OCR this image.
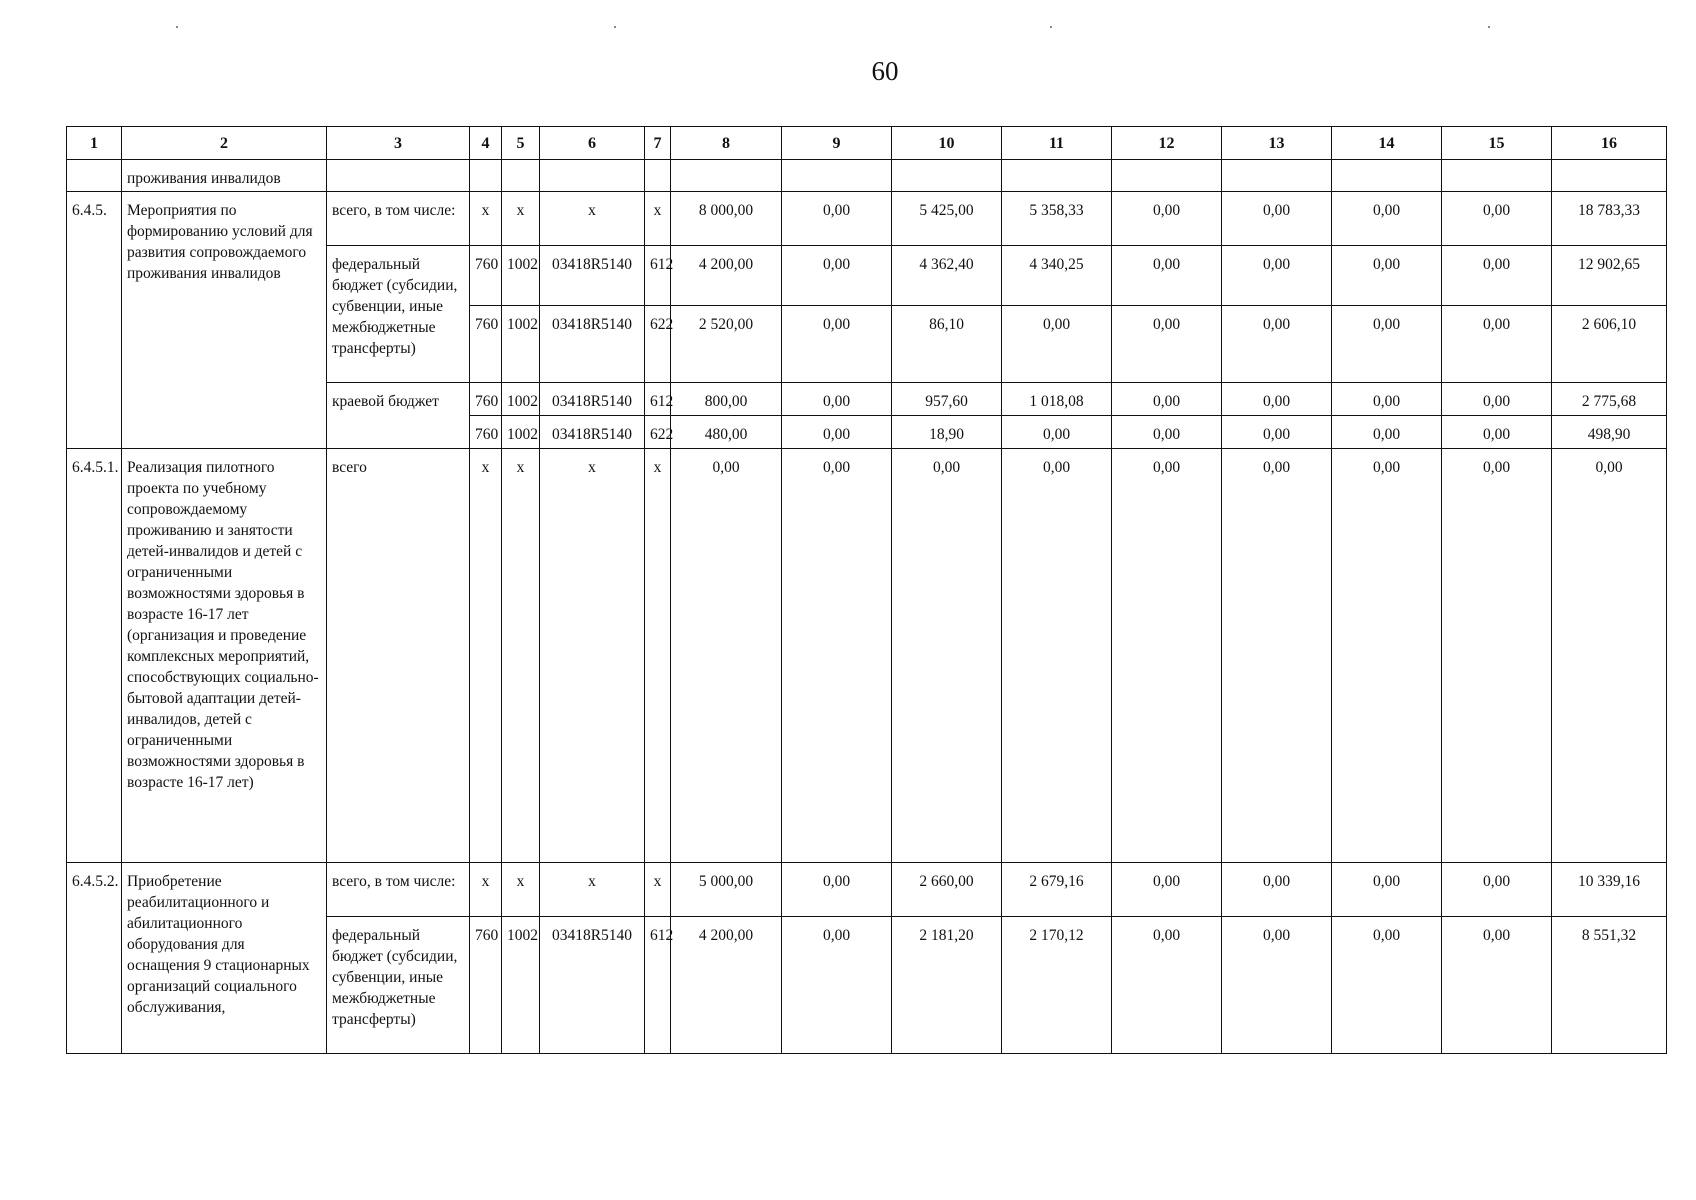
60
1	2	3	4	5	6	7	8	9	10	11	12	13	14	15	16
	проживания инвалидов														
6.4.5.	Мероприятия по формированию условий для развития сопровождаемого проживания инвалидов	всего, в том числе:	x	x	x	x	8 000,00	0,00	5 425,00	5 358,33	0,00	0,00	0,00	0,00	18 783,33
		федеральный бюджет (субсидии, субвенции, иные межбюджетные трансферты)	760	1002	03418R5140	612	4 200,00	0,00	4 362,40	4 340,25	0,00	0,00	0,00	0,00	12 902,65
			760	1002	03418R5140	622	2 520,00	0,00	86,10	0,00	0,00	0,00	0,00	0,00	2 606,10
		краевой бюджет	760	1002	03418R5140	612	800,00	0,00	957,60	1 018,08	0,00	0,00	0,00	0,00	2 775,68
			760	1002	03418R5140	622	480,00	0,00	18,90	0,00	0,00	0,00	0,00	0,00	498,90
6.4.5.1.	Реализация пилотного проекта по учебному сопровождаемому проживанию и занятости детей-инвалидов и детей с ограниченными возможностями здоровья в возрасте 16-17 лет (организация и проведение комплексных мероприятий, способствующих социально-бытовой адаптации детей-инвалидов, детей с ограниченными возможностями здоровья в возрасте 16-17 лет)	всего	x	x	x	x	0,00	0,00	0,00	0,00	0,00	0,00	0,00	0,00	0,00
6.4.5.2.	Приобретение реабилитационного и абилитационного оборудования для оснащения 9 стационарных организаций социального обслуживания,	всего, в том числе:	x	x	x	x	5 000,00	0,00	2 660,00	2 679,16	0,00	0,00	0,00	0,00	10 339,16
		федеральный бюджет (субсидии, субвенции, иные межбюджетные трансферты)	760	1002	03418R5140	612	4 200,00	0,00	2 181,20	2 170,12	0,00	0,00	0,00	0,00	8 551,32
